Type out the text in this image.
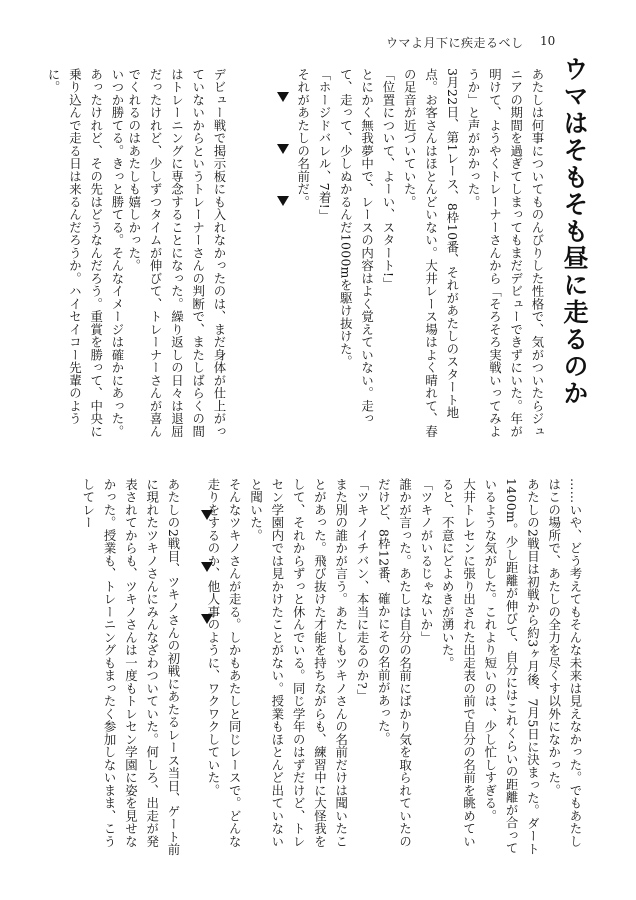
ウマよ月下に疾走るべし 10
ウマはそもそも昼に走るのか

あたしは何事についてものんびりした性格で、気がついたらジュニアの期間を過ぎてしまってもまだデビューできずにいた。年が明けて、ようやくトレーナーさんから「そろそろ実戦いってみようか」と声がかかった。

3月22日、第1レース、8枠10番、それがあたしのスタート地点。お客さんはほとんどいない。大井レース場はよく晴れて、春の足音が近づいていた。

「位置について、よーい、スタート!」

とにかく無我夢中で、レースの内容はよく覚えていない。走って、走って、少しぬかるんだ1000mを駆け抜けた。

「ホージドバレル、7着!」

それがあたしの名前だ。

デビュー戦で掲示板にも入れなかったのは、まだ身体が仕上がっていないからというトレーナーさんの判断で、またしばらくの間はトレーニングに専念することになった。繰り返しの日々は退屈だったけれど、少しずつタイムが伸びて、トレーナーさんが喜んでくれるのはあたしも嬉しかった。

いつか勝てる。きっと勝てる。そんなイメージは確かにあった。あったけれど、その先はどうなんだろう。重賞を勝って、中央に乗り込んで走る日は来るんだろうか。ハイセイコー先輩のように。

……いや、どう考えてもそんな未来は見えなかった。でもあたしはこの場所で、あたしの全力を尽くす以外になかった。

あたしの2戦目は初戦から約3ヶ月後、7月5日に決まった。ダート1400m。少し距離が伸びて、自分にはこれくらいの距離が合っているような気がした。これより短いのは、少し忙しすぎる。

大井トレセンに張り出された出走表の前で自分の名前を眺めていると、不意にどよめきが湧いた。

「ツキノがいるじゃないか」

誰かが言った。あたしは自分の名前にばかり気を取られていたのだけど、8枠12番、確かにその名前があった。

「ツキノイチバン、本当に走るのか?」

また別の誰かが言う。あたしもツキノさんの名前だけは聞いたことがあった。飛び抜けた才能を持ちながらも、練習中に大怪我をして、それからずっと休んでいる。同じ学年のはずだけど、トレセン学園内では見かけたことがない。授業もほとんど出ていないと聞いた。

そんなツキノさんが走る。しかもあたしと同じレースで。どんな走りをするのか、他人事のように、ワクワクしていた。

あたしの2戦目、ツキノさんの初戦にあたるレース当日、ゲート前に現れたツキノさんにみんなざわついていた。何しろ、出走が発表されてからも、ツキノさんは一度もトレセン学園に姿を見せなかった。授業も、トレーニングもまったく参加しないまま、こうしてレー
